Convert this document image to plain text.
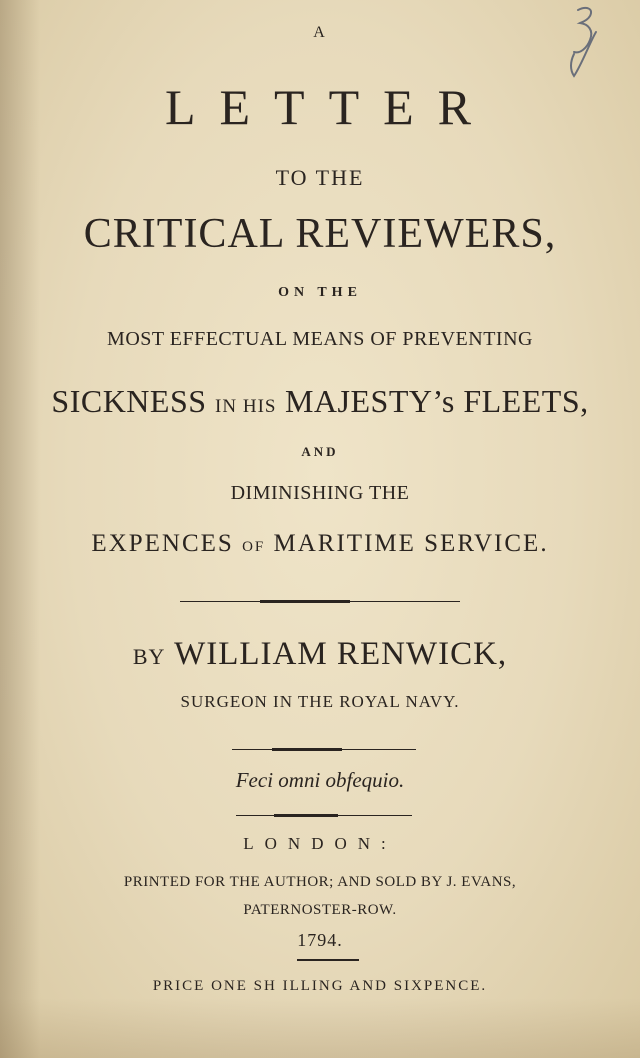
A
LETTER
TO THE
CRITICAL REVIEWERS,
ON THE
MOST EFFECTUAL MEANS OF PREVENTING
SICKNESS IN HIS MAJESTY’s FLEETS,
AND
DIMINISHING THE
EXPENCES OF MARITIME SERVICE.
BY WILLIAM RENWICK,
SURGEON IN THE ROYAL NAVY.
Feci omni obfequio.
LONDON:
PRINTED FOR THE AUTHOR; AND SOLD BY J. EVANS,
PATERNOSTER-ROW.
1794.
PRICE ONE SH ILLING AND SIXPENCE.
